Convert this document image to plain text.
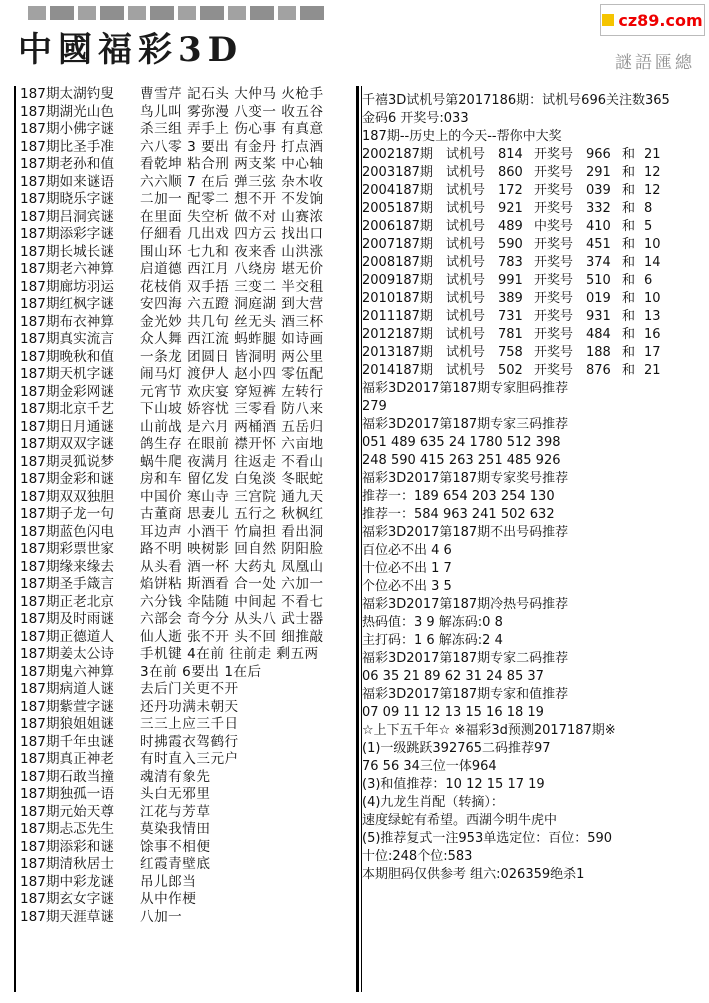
中國福彩3D
cz89.com
謎語匯總
187期太湖钓叟	曹雪芹 記石头 大仲马 火枪手
187期湖光山色	鸟儿叫 雾弥漫 八变一 收五谷
187期小佛字谜	杀三组 弄手上 伤心事 有真意
187期比圣手准	六八零 3 要出 有金丹 打点酒
187期老孙和值	看乾坤 粘合刑 两支桨 中心轴
187期如来谜语	六六顺 7 在后 弹三弦 杂木收
187期晓乐字谜	二加一 配零二 想不开 不发饷
187期吕洞宾谜	在里面 失空析 做不对 山赛浓
187期添彩字谜	仔細看 几出戏 四方云 找出口
187期长城长谜	围山环 七九和 夜来香 山洪涨
187期老六神算	启道德 西江月 八绕房 堪无价
187期廊坊羽运	花枝俏 双手捂 三变二 半交租
187期红枫字谜	安四海 六五蹬 洞庭湖 到大营
187期布衣神算	金光妙 共几句 丝无头 酒三杯
187期真实流言	众人舞 西江流 蚂蚱腿 如诗画
187期晚秋和值	一条龙 团圆日 皆洞明 两公里
187期天机字谜	闹马灯 渡伊人 赵小四 零伍配
187期金彩网谜	元宵节 欢庆宴 穿短裤 左转行
187期北京千艺	下山坡 娇容忧 三零看 防八来
187期日月通谜	山前战 是六月 两桶酒 五岳归
187期双双字谜	鸽生存 在眼前 襟开怀 六亩地
187期灵狐说梦	蜗牛爬 夜满月 往返走 不看山
187期金彩和谜	房和车 留亿发 白兔淡 冬眠蛇
187期双双独胆	中国价 寒山寺 三宫院 通九天
187期子龙一句	古董商 思妻儿 五行之 秋枫红
187期蓝色闪电	耳边声 小酒干 竹扁担 看出洞
187期彩票世家	路不明 映树影 回自然 阴阳脸
187期缘来缘去	从头看 酒一杯 大药丸 凤凰山
187期圣手箴言	焰饼粘 斯酒看 合一处 六加一
187期正老北京	六分钱 伞陆随 中间起 不看七
187期及时雨谜	六部会 奇今分 从头八 武士器
187期正德道人	仙人逝 张不开 头不回 细推敲
187期姜太公诗	手机键 4在前 往前走 剩五两
187期鬼六神算	3在前 6要出 1在后
187期病道人谜	去后门关更不开
187期紫萱字谜	还丹功满未朝天
187期狼姐姐谜	三三上应三千日
187期千年虫谜	时拂霞衣驾鹤行
187期真正神老	有时直入三元户
187期石敢当撞	魂清有象先
187期独孤一语	头白无邪里
187期元始天尊	江花与芳草
187期忐忑先生	莫染我情田
187期添彩和谜	馀事不相便
187期清秋居士	红霞青壁底
187期中彩龙谜	吊儿郎当
187期玄女字谜	从中作梗
187期天涯草谜	八加一
千禧3D试机号第2017186期：试机号696关注数365
金码6 开奖号:033
187期--历史上的今天--帮你中大奖
2002187期	试机号 814 开奖号 966 和 21
2003187期	试机号 860 开奖号 291 和 12
2004187期	试机号 172 开奖号 039 和 12
2005187期	试机号 921 开奖号 332 和 8
2006187期	试机号 489 中奖号 410 和 5
2007187期	试机号 590 开奖号 451 和 10
2008187期	试机号 783 开奖号 374 和 14
2009187期	试机号 991 开奖号 510 和 6
2010187期	试机号 389 开奖号 019 和 10
2011187期	试机号 731 开奖号 931 和 13
2012187期	试机号 781 开奖号 484 和 16
2013187期	试机号 758 开奖号 188 和 17
2014187期	试机号 502 开奖号 876 和 21
福彩3D2017第187期专家胆码推荐
279
福彩3D2017第187期专家三码推荐
051 489 635 24 1780 512 398
248 590 415 263 251 485 926
福彩3D2017第187期专家奖号推荐
推荐一：189 654 203 254 130
推荐一：584 963 241 502 632
福彩3D2017第187期不出号码推荐
百位必不出 4 6
十位必不出 1 7
个位必不出 3 5
福彩3D2017第187期冷热号码推荐
热码值：3 9 解冻码:0 8
主打码：1 6 解冻码:2 4
福彩3D2017第187期专家二码推荐
06 35 21 89 62 31 24 85 37
福彩3D2017第187期专家和值推荐
07 09 11 12 13 15 16 18 19
☆上下五千年☆ ※福彩3d预测2017187期※
(1)一级跳跃392765二码推荐97
76 56 34三位一体964
(3)和值推荐：10 12 15 17 19
(4)九龙生肖配（转摘）：
速度绿蛇有希望。西湖今明牛虎中
(5)推荐复式一注953单选定位：百位：590
十位:248个位:583
本期胆码仅供参考 组六:026359绝杀1
